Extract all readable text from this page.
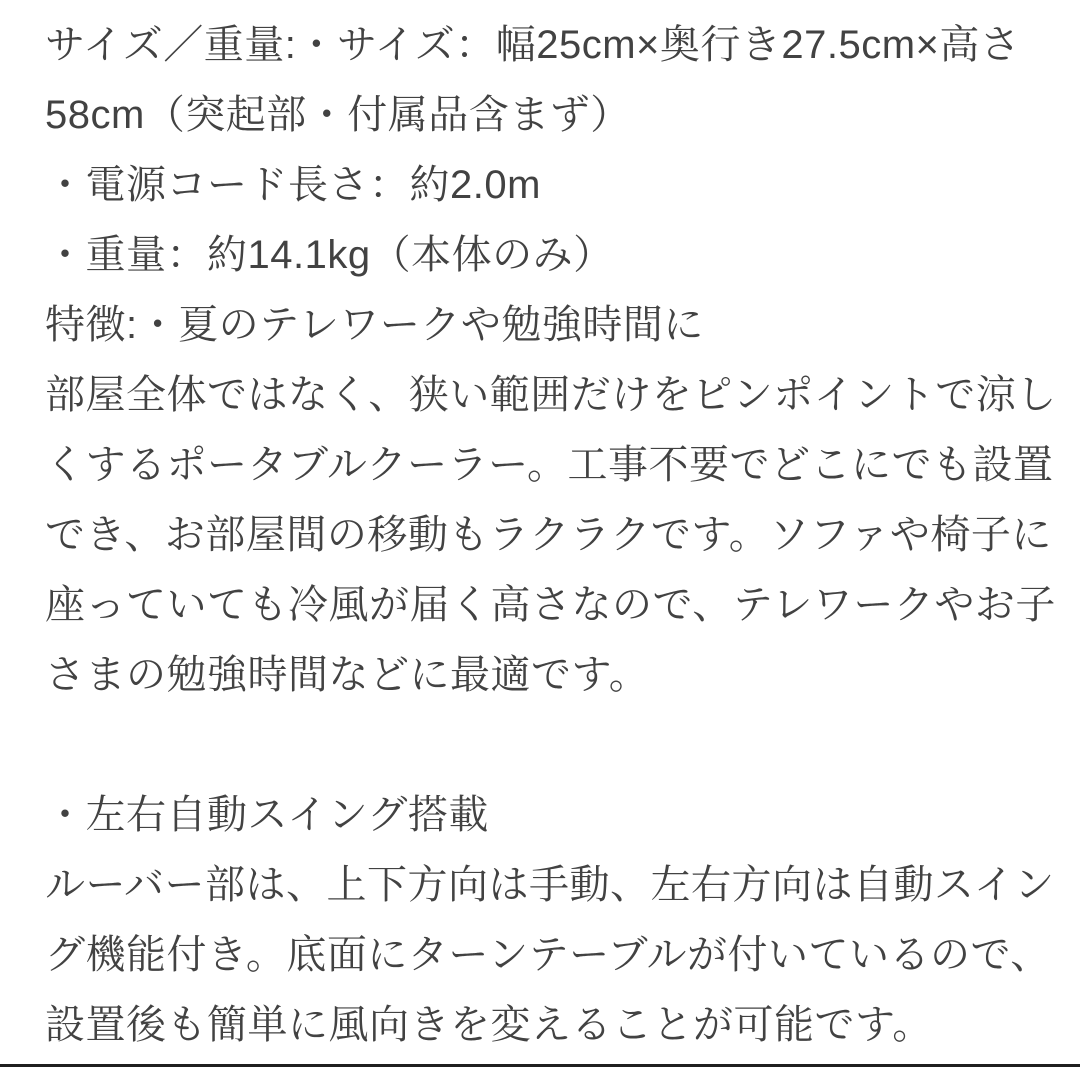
サイズ／重量:・サイズ：幅25cm×奥行き27.5cm×高さ
58cm（突起部・付属品含まず）
・電源コード長さ：約2.0m
・重量：約14.1kg（本体のみ）
特徴:・夏のテレワークや勉強時間に
部屋全体ではなく、狭い範囲だけをピンポイントで涼し
くするポータブルクーラー。工事不要でどこにでも設置
でき、お部屋間の移動もラクラクです。ソファや椅子に
座っていても冷風が届く高さなので、テレワークやお子
さまの勉強時間などに最適です。
・左右自動スイング搭載
ルーバー部は、上下方向は手動、左右方向は自動スイン
グ機能付き。底面にターンテーブルが付いているので、
設置後も簡単に風向きを変えることが可能です。
